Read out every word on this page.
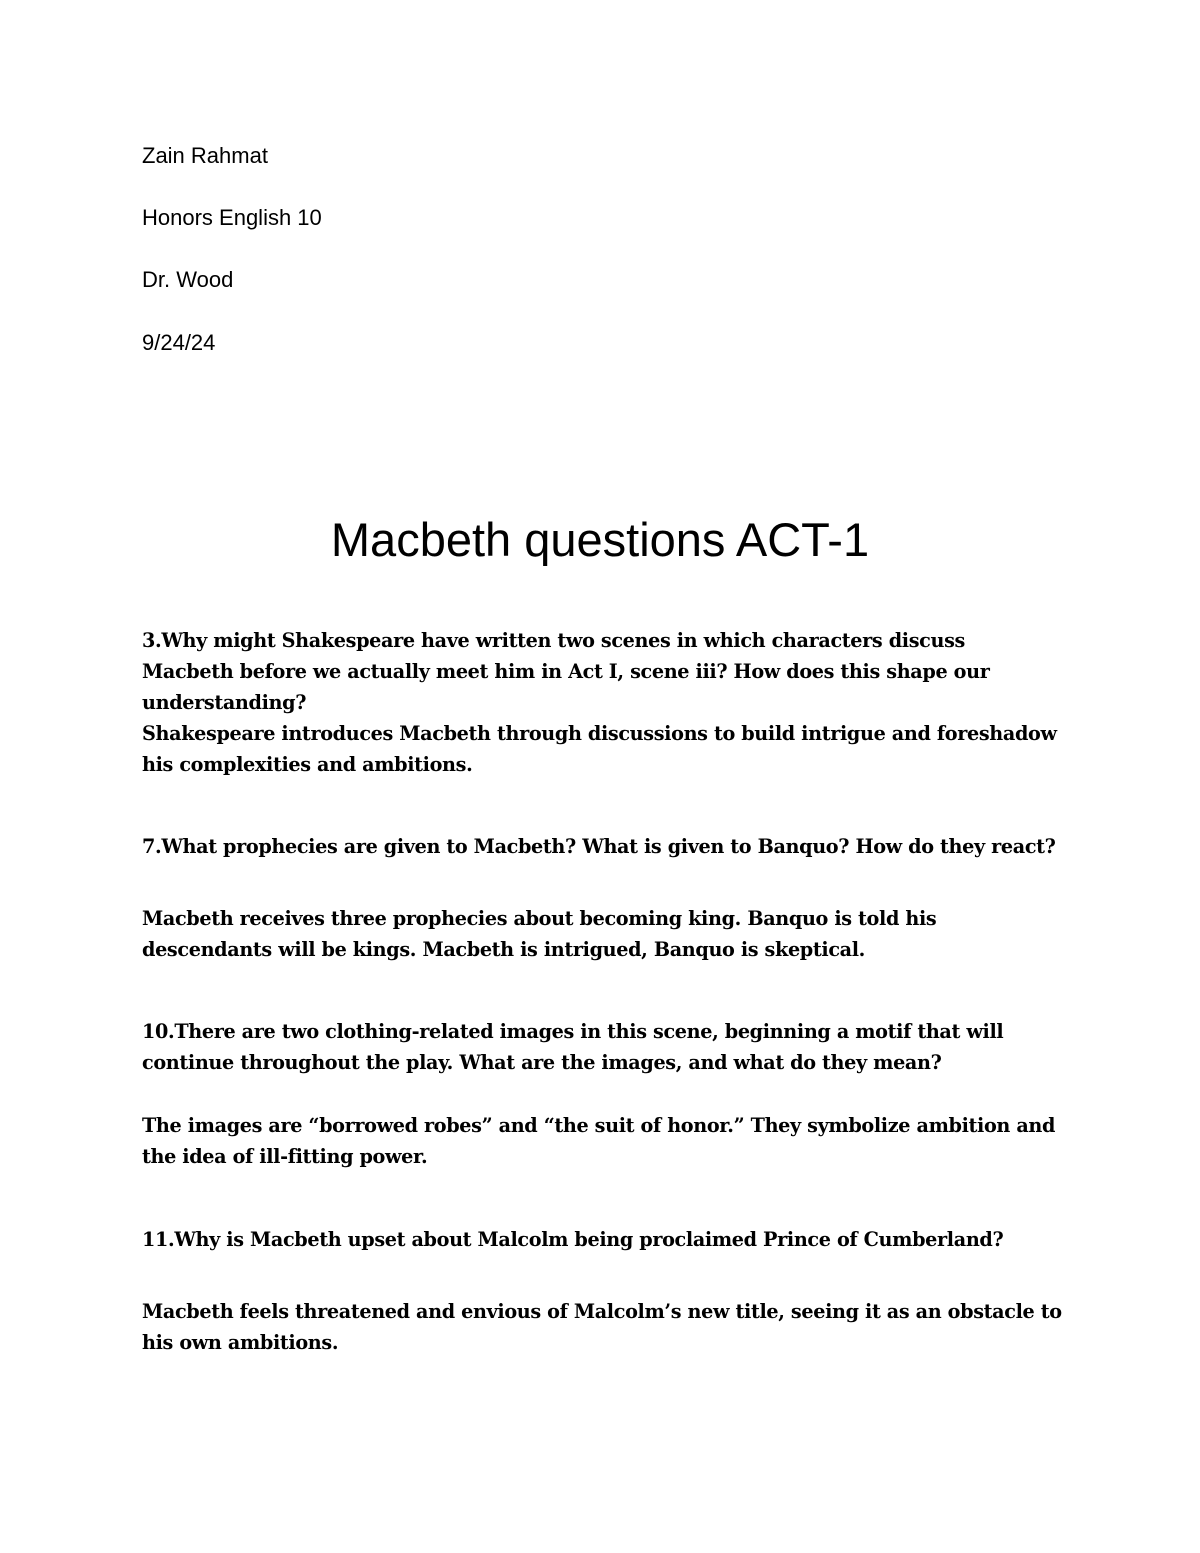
Zain Rahmat

Honors English 10

Dr. Wood

9/24/24

Macbeth questions ACT-1

3.Why might Shakespeare have written two scenes in which characters discuss Macbeth before we actually meet him in Act I, scene iii? How does this shape our understanding?

Shakespeare introduces Macbeth through discussions to build intrigue and foreshadow his complexities and ambitions.

7.What prophecies are given to Macbeth? What is given to Banquo? How do they react?

Macbeth receives three prophecies about becoming king. Banquo is told his descendants will be kings. Macbeth is intrigued, Banquo is skeptical.

10.There are two clothing-related images in this scene, beginning a motif that will continue throughout the play. What are the images, and what do they mean?

The images are “borrowed robes” and “the suit of honor.” They symbolize ambition and the idea of ill-fitting power.

11.Why is Macbeth upset about Malcolm being proclaimed Prince of Cumberland?

Macbeth feels threatened and envious of Malcolm’s new title, seeing it as an obstacle to his own ambitions.
